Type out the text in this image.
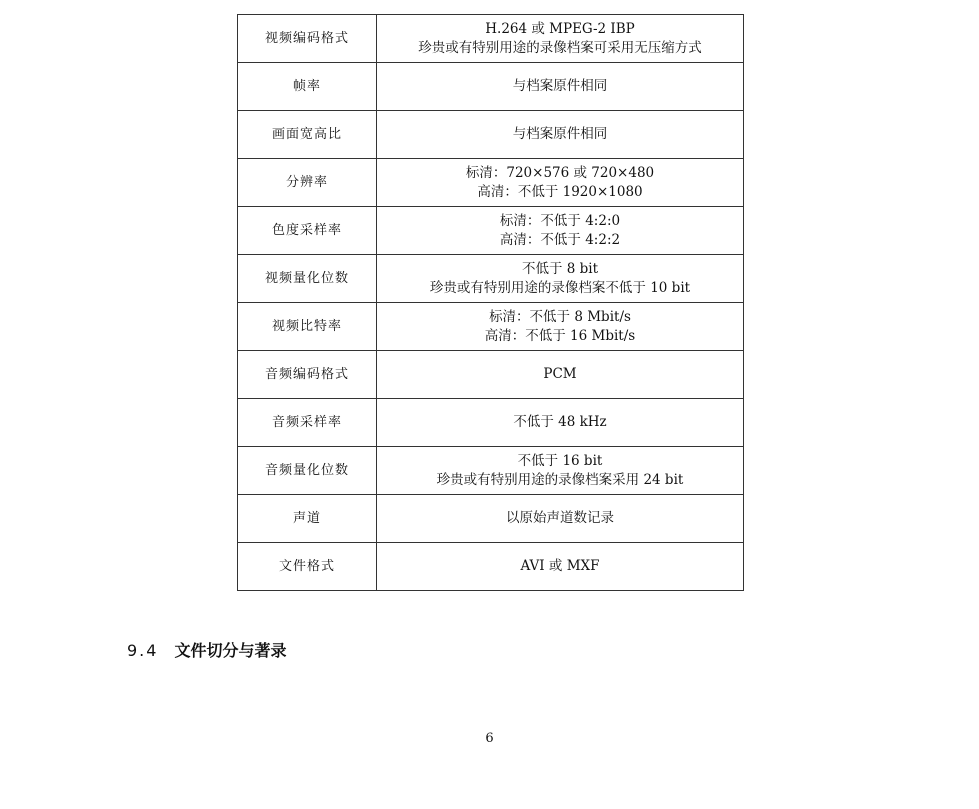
视频编码格式	H.264 或 MPEG-2 IBP
珍贵或有特别用途的录像档案可采用无压缩方式

帧率	与档案原件相同

画面宽高比	与档案原件相同

分辨率	标清：720×576 或 720×480
高清：不低于 1920×1080

色度采样率	标清：不低于 4:2:0
高清：不低于 4:2:2

视频量化位数	不低于 8 bit
珍贵或有特别用途的录像档案不低于 10 bit

视频比特率	标清：不低于 8 Mbit/s
高清：不低于 16 Mbit/s

音频编码格式	PCM

音频采样率	不低于 48 kHz

音频量化位数	不低于 16 bit
珍贵或有特别用途的录像档案采用 24 bit

声道	以原始声道数记录

文件格式	AVI 或 MXF
9.4 文件切分与著录
6
